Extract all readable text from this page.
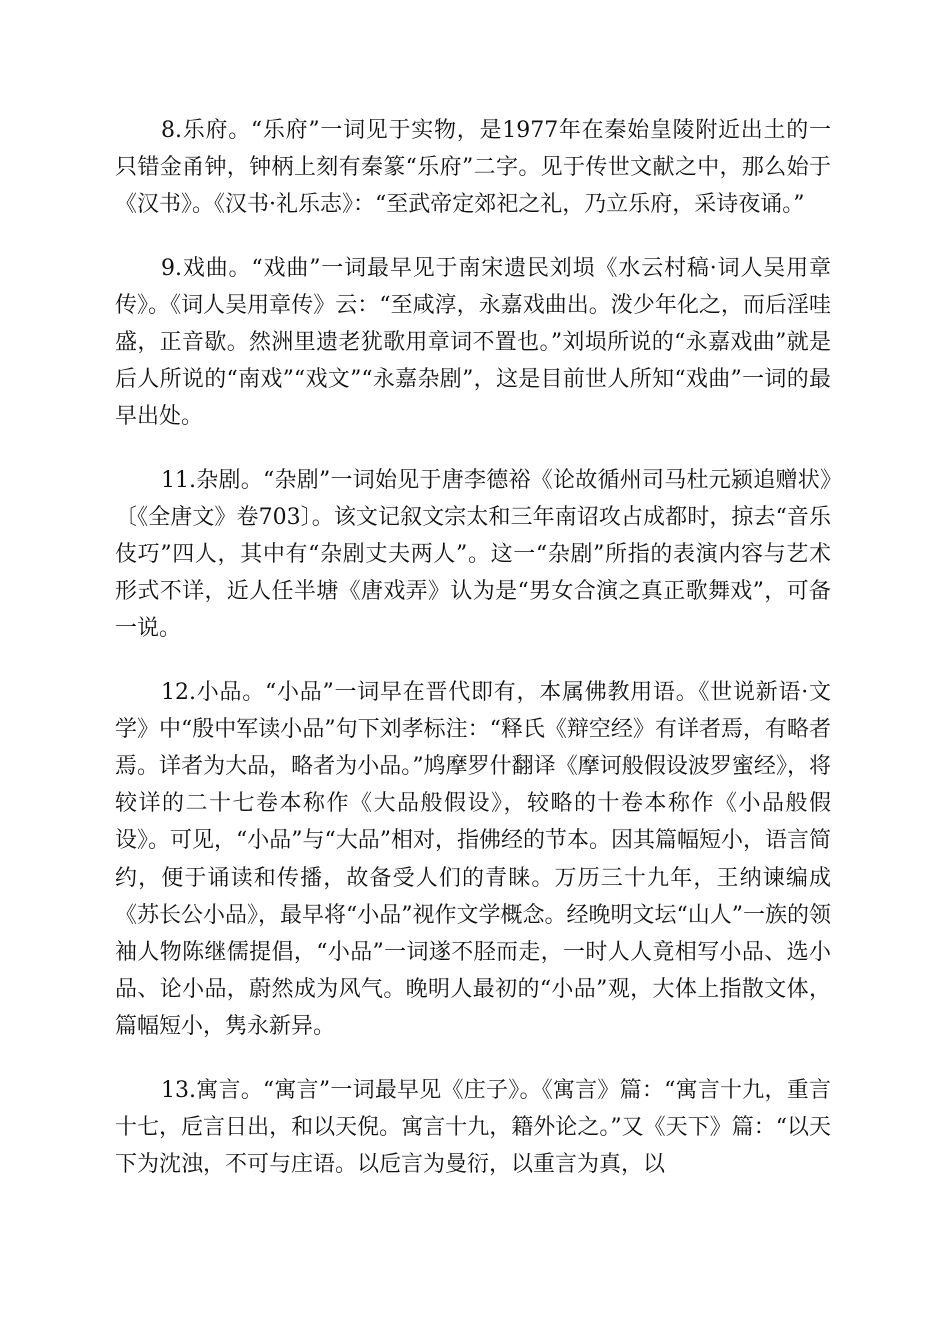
8.乐府。“乐府”一词见于实物，是1977年在秦始皇陵附近出土的一只错金甬钟，钟柄上刻有秦篆“乐府”二字。见于传世文献之中，那么始于《汉书》。《汉书·礼乐志》：“至武帝定郊祀之礼，乃立乐府，采诗夜诵。”

9.戏曲。“戏曲”一词最早见于南宋遗民刘埙《水云村稿·词人吴用章传》。《词人吴用章传》云：“至咸淳，永嘉戏曲出。泼少年化之，而后淫哇盛，正音歇。然洲里遗老犹歌用章词不置也。”刘埙所说的“永嘉戏曲”就是后人所说的“南戏”“戏文”“永嘉杂剧”，这是目前世人所知“戏曲”一词的最早出处。

11.杂剧。“杂剧”一词始见于唐李德裕《论故循州司马杜元颍追赠状》〔《全唐文》卷703〕。该文记叙文宗太和三年南诏攻占成都时，掠去“音乐伎巧”四人，其中有“杂剧丈夫两人”。这一“杂剧”所指的表演内容与艺术形式不详，近人任半塘《唐戏弄》认为是“男女合演之真正歌舞戏”，可备一说。

12.小品。“小品”一词早在晋代即有，本属佛教用语。《世说新语·文学》中“殷中军读小品”句下刘孝标注：“释氏《辩空经》有详者焉，有略者焉。详者为大品，略者为小品。”鸠摩罗什翻译《摩诃般假设波罗蜜经》，将较详的二十七卷本称作《大品般假设》，较略的十卷本称作《小品般假设》。可见，“小品”与“大品”相对，指佛经的节本。因其篇幅短小，语言简约，便于诵读和传播，故备受人们的青睐。万历三十九年，王纳谏编成《苏长公小品》，最早将“小品”视作文学概念。经晚明文坛“山人”一族的领袖人物陈继儒提倡，“小品”一词遂不胫而走，一时人人竟相写小品、选小品、论小品，蔚然成为风气。晚明人最初的“小品”观，大体上指散文体，篇幅短小，隽永新异。

13.寓言。“寓言”一词最早见《庄子》。《寓言》篇：“寓言十九，重言十七，卮言日出，和以天倪。寓言十九，籍外论之。”又《天下》篇：“以天下为沈浊，不可与庄语。以卮言为曼衍，以重言为真，以
